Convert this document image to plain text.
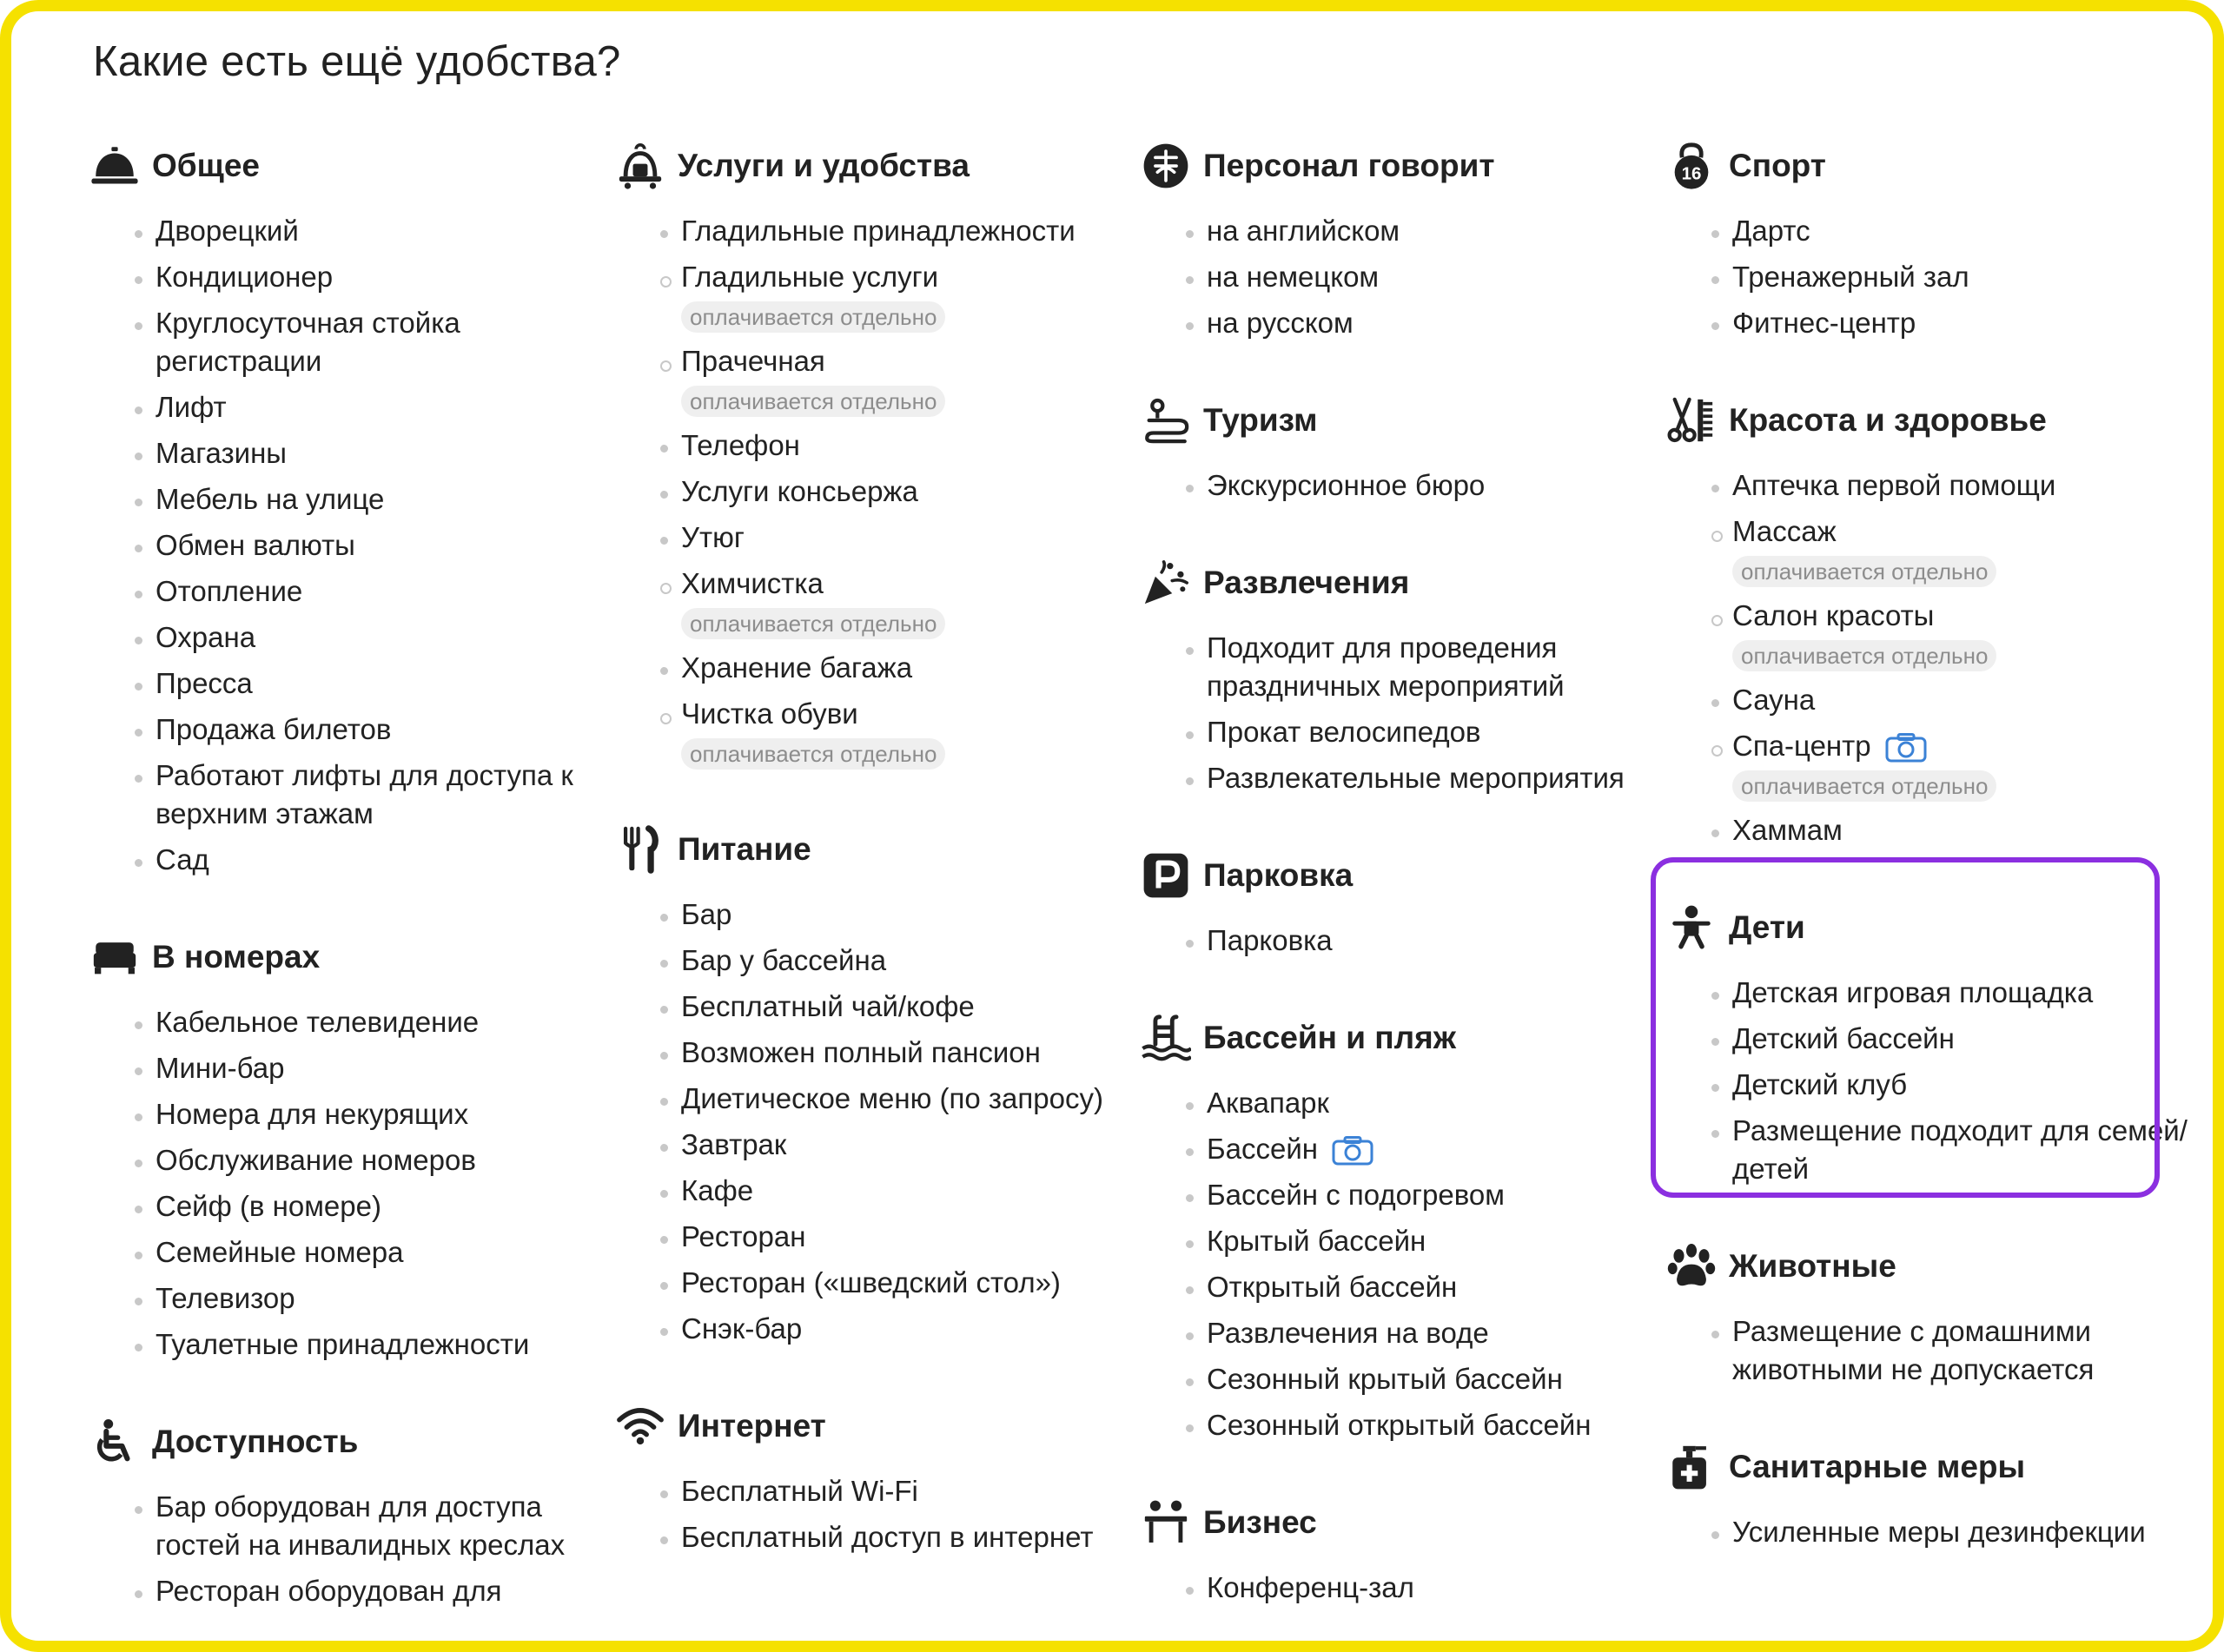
Какие есть ещё удобства?
Общее
Дворецкий
Кондиционер
Круглосуточная стойка регистрации
Лифт
Магазины
Мебель на улице
Обмен валюты
Отопление
Охрана
Пресса
Продажа билетов
Работают лифты для доступа к верхним этажам
Сад
В номерах
Кабельное телевидение
Мини-бар
Номера для некурящих
Обслуживание номеров
Сейф (в номере)
Семейные номера
Телевизор
Туалетные принадлежности
Доступность
Бар оборудован для доступа гостей на инвалидных креслах
Ресторан оборудован для
Услуги и удобства
Гладильные принадлежности
Гладильные услуги
оплачивается отдельно
Прачечная
оплачивается отдельно
Телефон
Услуги консьержа
Утюг
Химчистка
оплачивается отдельно
Хранение багажа
Чистка обуви
оплачивается отдельно
Питание
Бар
Бар у бассейна
Бесплатный чай/кофе
Возможен полный пансион
Диетическое меню (по запросу)
Завтрак
Кафе
Ресторан
Ресторан («шведский стол»)
Снэк-бар
Интернет
Бесплатный Wi-Fi
Бесплатный доступ в интернет
Персонал говорит
на английском
на немецком
на русском
Туризм
Экскурсионное бюро
Развлечения
Подходит для проведения праздничных мероприятий
Прокат велосипедов
Развлекательные мероприятия
Парковка
Парковка
Бассейн и пляж
Аквапарк
Бассейн
Бассейн с подогревом
Крытый бассейн
Открытый бассейн
Развлечения на воде
Сезонный крытый бассейн
Сезонный открытый бассейн
Бизнес
Конференц-зал
16 Спорт
Дартс
Тренажерный зал
Фитнес-центр
Красота и здоровье
Аптечка первой помощи
Массаж
оплачивается отдельно
Салон красоты
оплачивается отдельно
Сауна
Спа-центр
оплачивается отдельно
Хаммам
Дети
Детская игровая площадка
Детский бассейн
Детский клуб
Размещение подходит для семей/детей
Животные
Размещение с домашними животными не допускается
Санитарные меры
Усиленные меры дезинфекции
